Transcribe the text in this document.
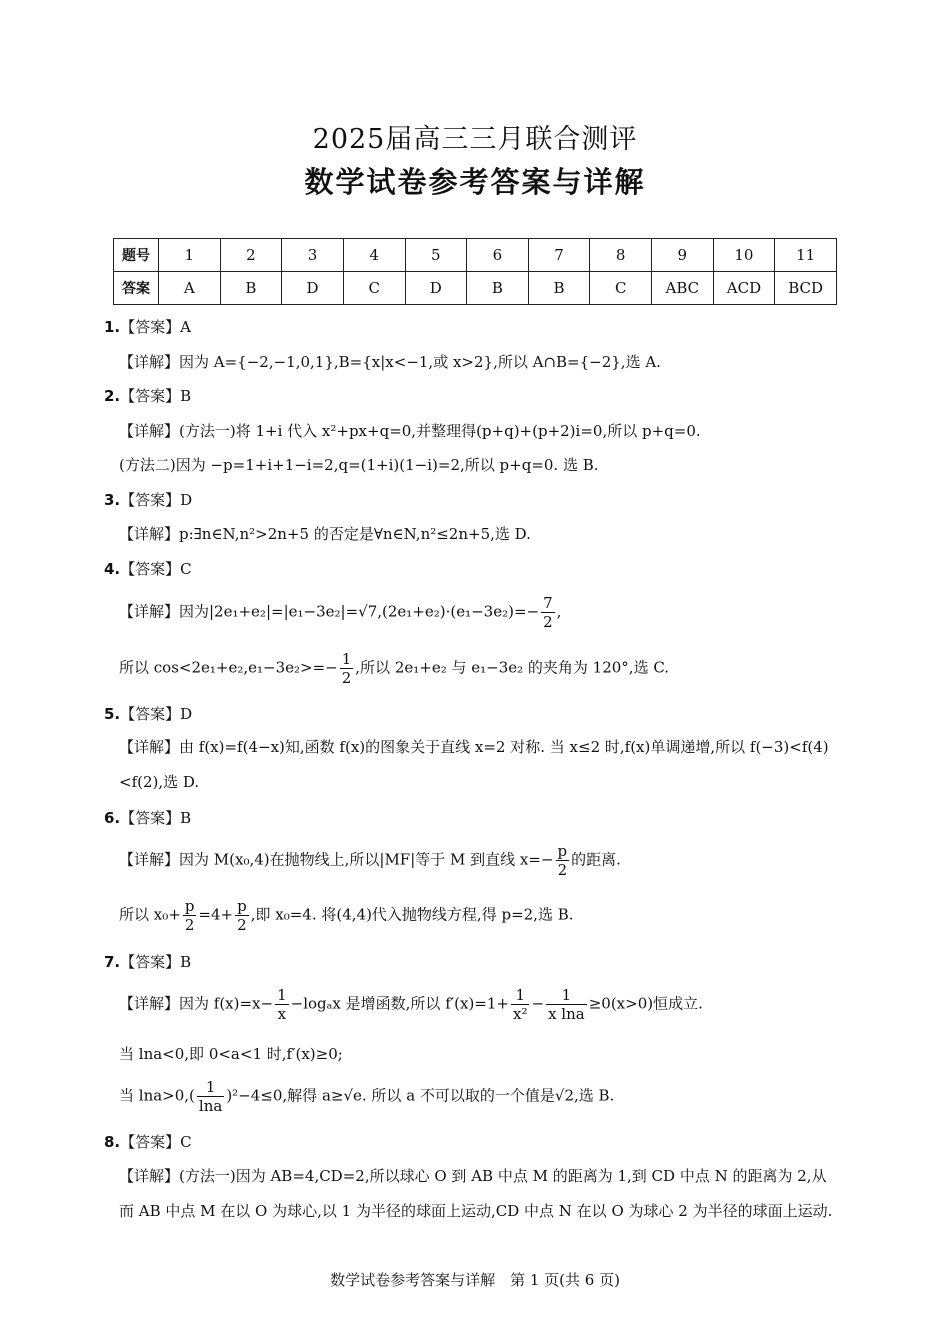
2025届高三三月联合测评
数学试卷参考答案与详解
题号	1	2	3	4	5	6	7	8	9	10	11
答案	A	B	D	C	D	B	B	C	ABC	ACD	BCD
1.【答案】A
【详解】因为 A={−2,−1,0,1},B={x|x<−1,或 x>2},所以 A∩B={−2},选 A.
2.【答案】B
【详解】(方法一)将 1+i 代入 x²+px+q=0,并整理得(p+q)+(p+2)i=0,所以 p+q=0.
(方法二)因为 −p=1+i+1−i=2,q=(1+i)(1−i)=2,所以 p+q=0. 选 B.
3.【答案】D
【详解】p:∃n∈N,n²>2n+5 的否定是∀n∈N,n²≤2n+5,选 D.
4.【答案】C
【详解】因为$|2e_1+e_2|=|e_1-3e_2|=√7,(2e_1+e_2)\cdot(e_1-3e_2)=- \frac{7}{2}$ ,
所以 $\cos<2e_1+e_2,e_1-3e_2>=- \frac{1}{2}$ ,所以 2e₁+e₂ 与 e₁−3e₂ 的夹角为 120°,选 C.
5.【答案】D
【详解】由 f(x)=f(4−x)知,函数 f(x)的图象关于直线 x=2 对称. 当 x≤2 时,f(x)单调递增,所以 f(−3)<f(4)<f(2),选 D.
6.【答案】B
【详解】因为 M(x₀,4)在抛物线上,所以|MF|等于 M 到直线 $x=- \frac{p}{2}$ 的距离.
所以 $x_0+ \frac{p}{2} =4+ \frac{p}{2}$ ,即 x₀=4. 将(4,4)代入抛物线方程,得 p=2,选 B.
7.【答案】B
【详解】因为 $f(x)=x- \frac{1}{x} -\log_ax$ 是增函数,所以 $f'(x)=1+ \frac{1}{\text{x²}} - \frac{1}{\text{x lna}} \ge 0(x>0)$恒成立.
当 lna<0,即 0<a<1 时,f′(x)≥0;
当 $\ln a>0,( \frac{1}{\ln a} )^2-4\le 0$,解得 a≥√e. 所以 a 不可以取的一个值是√2,选 B.
8.【答案】C
【详解】(方法一)因为 AB=4,CD=2,所以球心 O 到 AB 中点 M 的距离为 1,到 CD 中点 N 的距离为 2,从而 AB 中点 M 在以 O 为球心,以 1 为半径的球面上运动,CD 中点 N 在以 O 为球心 2 为半径的球面上运动.
数学试卷参考答案与详解　第 1 页(共 6 页)
